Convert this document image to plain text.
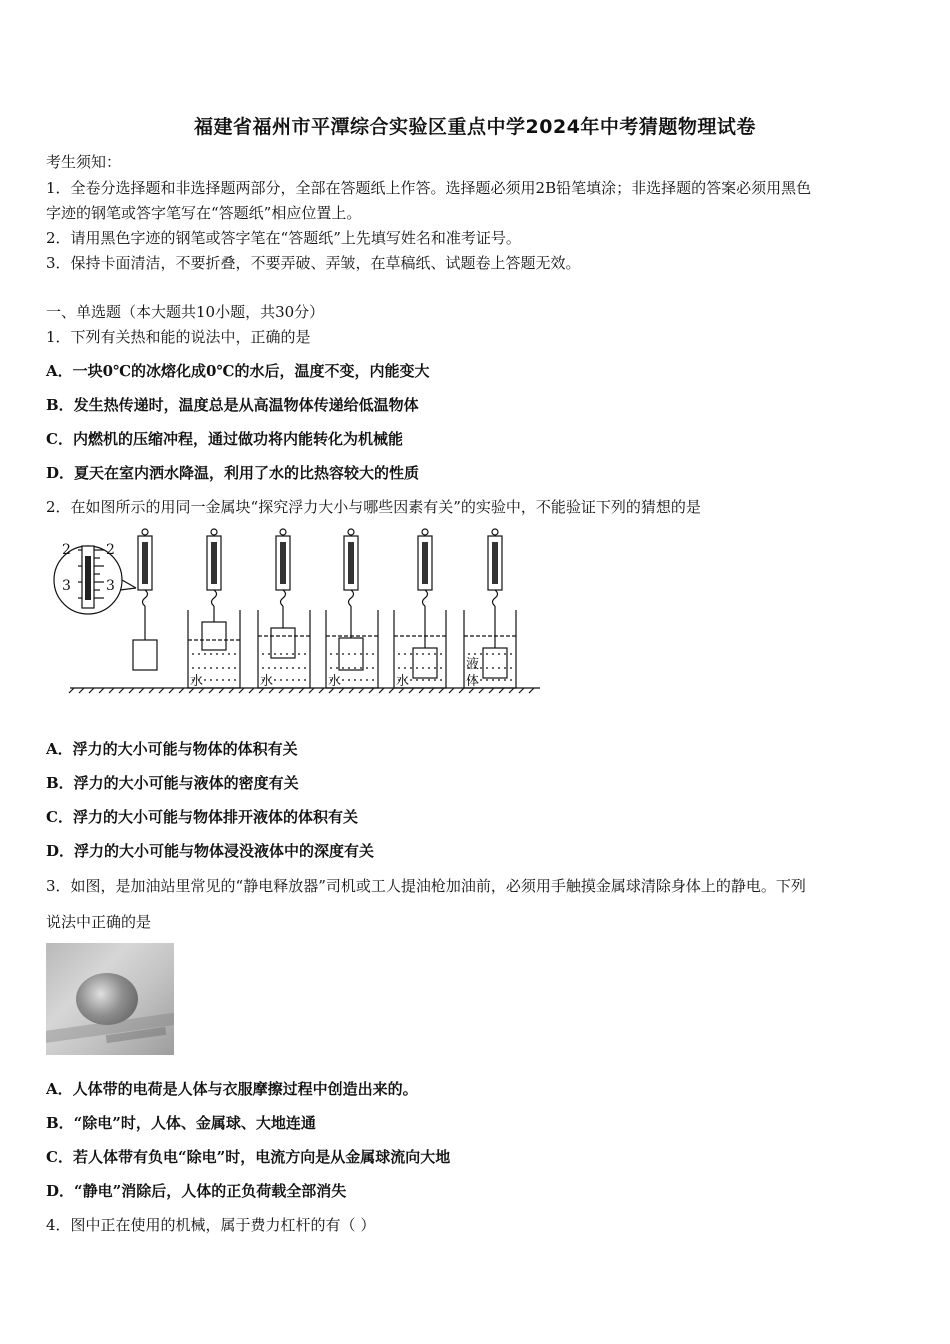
福建省福州市平潭综合实验区重点中学2024年中考猜题物理试卷
考生须知：
1．全卷分选择题和非选择题两部分，全部在答题纸上作答。选择题必须用2B铅笔填涂；非选择题的答案必须用黑色
字迹的钢笔或答字笔写在“答题纸”相应位置上。
2．请用黑色字迹的钢笔或答字笔在“答题纸”上先填写姓名和准考证号。
3．保持卡面清洁，不要折叠，不要弄破、弄皱，在草稿纸、试题卷上答题无效。
一、单选题（本大题共10小题，共30分）
1．下列有关热和能的说法中，正确的是
A．一块0℃的冰熔化成0℃的水后，温度不变，内能变大
B．发生热传递时，温度总是从高温物体传递给低温物体
C．内燃机的压缩冲程，通过做功将内能转化为机械能
D．夏天在室内洒水降温，利用了水的比热容较大的性质
2．在如图所示的用同一金属块“探究浮力大小与哪些因素有关”的实验中，不能验证下列的猜想的是
2
3
2
3
水	水	水	水
液
体
A．浮力的大小可能与物体的体积有关
B．浮力的大小可能与液体的密度有关
C．浮力的大小可能与物体排开液体的体积有关
D．浮力的大小可能与物体浸没液体中的深度有关
3．如图，是加油站里常见的“静电释放器”司机或工人提油枪加油前，必须用手触摸金属球清除身体上的静电。下列
说法中正确的是
A．人体带的电荷是人体与衣服摩擦过程中创造出来的。
B．“除电”时，人体、金属球、大地连通
C．若人体带有负电“除电”时，电流方向是从金属球流向大地
D．“静电”消除后，人体的正负荷载全部消失
4．图中正在使用的机械，属于费力杠杆的有（ ）
